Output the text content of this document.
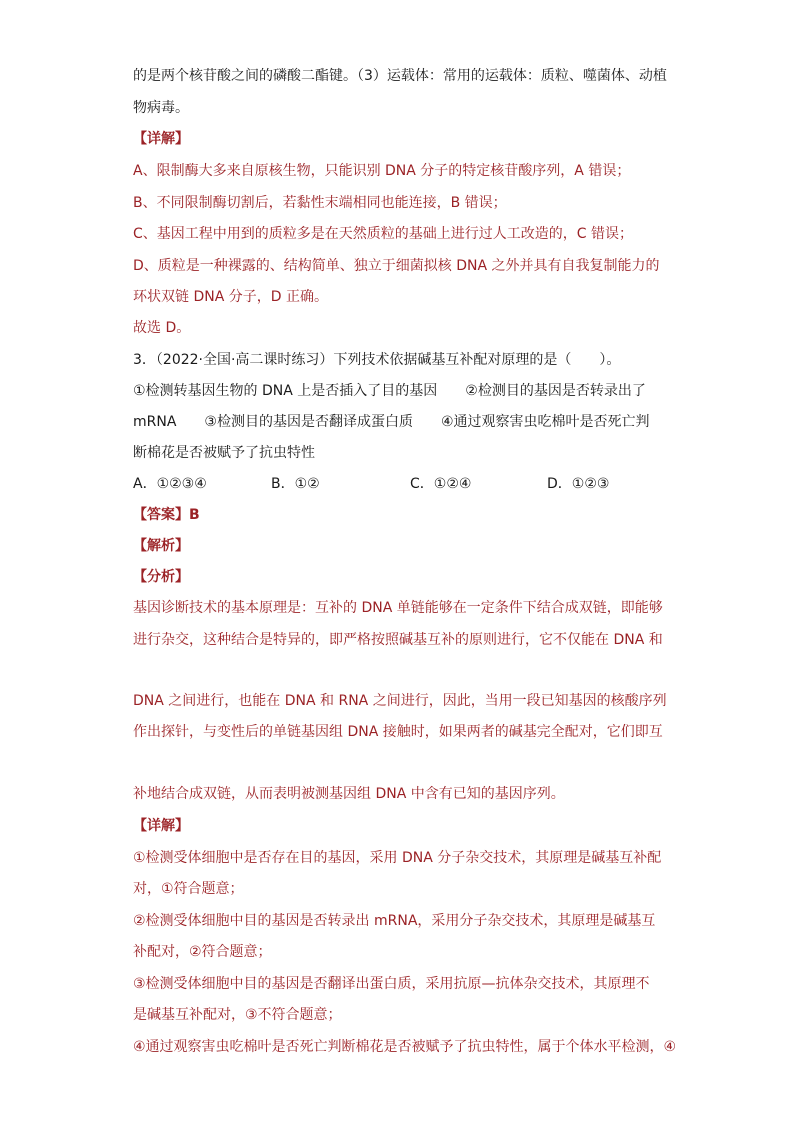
的是两个核苷酸之间的磷酸二酯键。（3）运载体：常用的运载体：质粒、噬菌体、动植

物病毒。

【详解】

A、限制酶大多来自原核生物，只能识别 DNA 分子的特定核苷酸序列，A 错误；

B、不同限制酶切割后，若黏性末端相同也能连接，B 错误；

C、基因工程中用到的质粒多是在天然质粒的基础上进行过人工改造的，C 错误；

D、质粒是一种裸露的、结构简单、独立于细菌拟核 DNA 之外并具有自我复制能力的

环状双链 DNA 分子，D 正确。

故选 D。

3．（2022·全国·高二课时练习）下列技术依据碱基互补配对原理的是（　　）。

①检测转基因生物的 DNA 上是否插入了目的基因　　②检测目的基因是否转录出了

mRNA　　③检测目的基因是否翻译成蛋白质　　④通过观察害虫吃棉叶是否死亡判

断棉花是否被赋予了抗虫特性

A．①②③④	B．①②	C．①②④	D．①②③

【答案】B

【解析】

【分析】

基因诊断技术的基本原理是：互补的 DNA 单链能够在一定条件下结合成双链，即能够

进行杂交，这种结合是特异的，即严格按照碱基互补的原则进行，它不仅能在 DNA 和

DNA 之间进行，也能在 DNA 和 RNA 之间进行，因此，当用一段已知基因的核酸序列

作出探针，与变性后的单链基因组 DNA 接触时，如果两者的碱基完全配对，它们即互

补地结合成双链，从而表明被测基因组 DNA 中含有已知的基因序列。

【详解】

①检测受体细胞中是否存在目的基因，采用 DNA 分子杂交技术，其原理是碱基互补配

对，①符合题意；

②检测受体细胞中目的基因是否转录出 mRNA，采用分子杂交技术，其原理是碱基互

补配对，②符合题意；

③检测受体细胞中目的基因是否翻译出蛋白质，采用抗原—抗体杂交技术，其原理不

是碱基互补配对，③不符合题意；

④通过观察害虫吃棉叶是否死亡判断棉花是否被赋予了抗虫特性，属于个体水平检测，④
